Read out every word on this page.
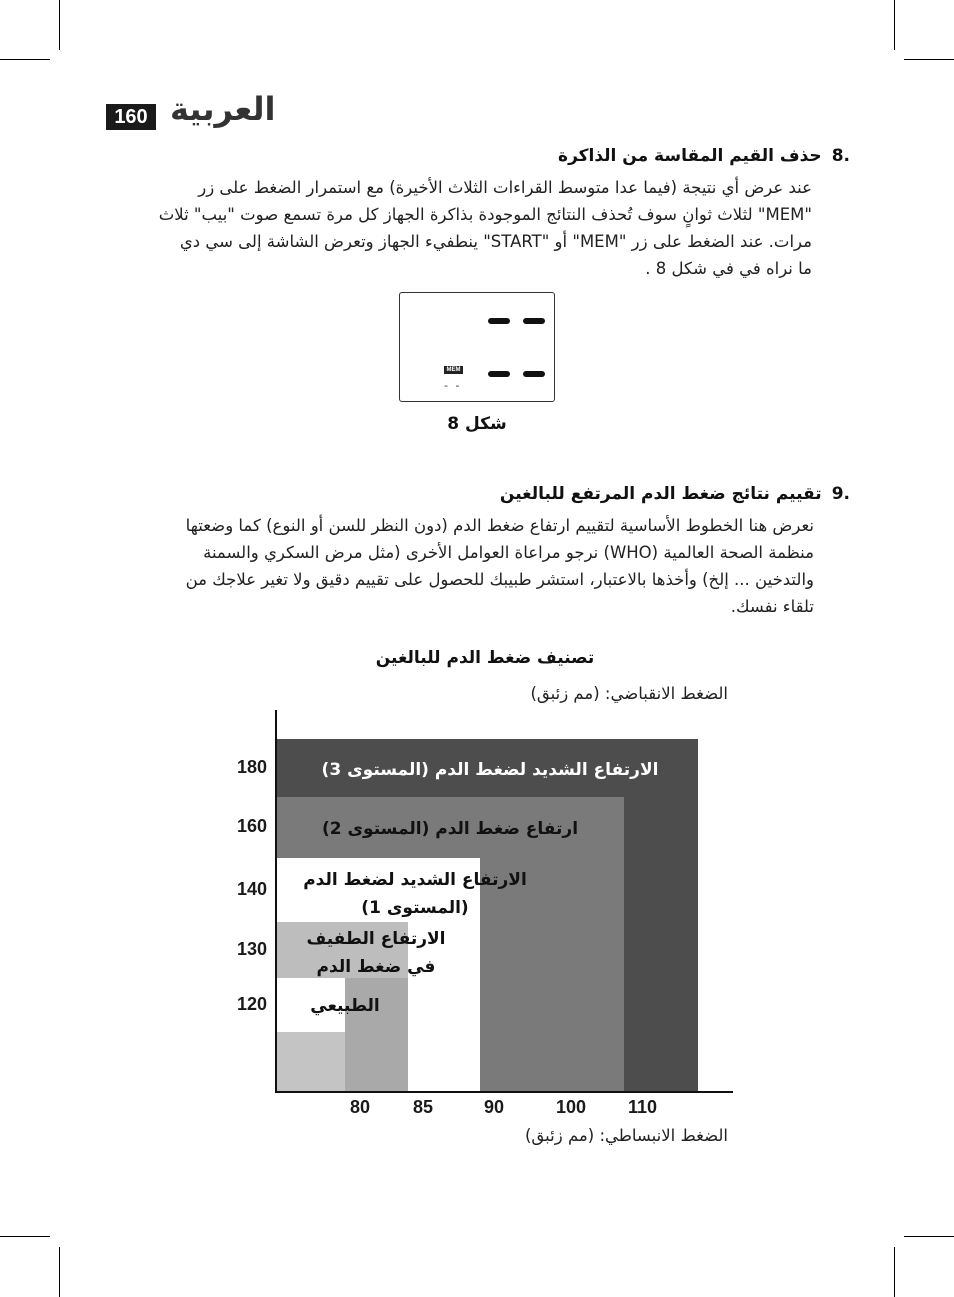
160 العربية
.8حذف القيم المقاسة من الذاكرة
عند عرض أي نتيجة (فيما عدا متوسط القراءات الثلاث الأخيرة) مع استمرار الضغط على زر
"MEM" لثلاث ثوانٍ سوف تُحذف النتائج الموجودة بذاكرة الجهاز كل مرة تسمع صوت "بيب" ثلاث
مرات. عند الضغط على زر "MEM" أو "START" ينطفيء الجهاز وتعرض الشاشة إلى سي دي
ما نراه في في شكل 8 .
MEM
- -
شكل 8
.9تقييم نتائج ضغط الدم المرتفع للبالغين
نعرض هنا الخطوط الأساسية لتقييم ارتفاع ضغط الدم (دون النظر للسن أو النوع) كما وضعتها
منظمة الصحة العالمية (WHO) نرجو مراعاة العوامل الأخرى (مثل مرض السكري والسمنة
والتدخين ... إلخ) وأخذها بالاعتبار، استشر طبيبك للحصول على تقييم دقيق ولا تغير علاجك من
تلقاء نفسك.
تصنيف ضغط الدم للبالغين
الضغط الانقباضي: (مم زئبق)
الارتفاع الشديد لضغط الدم (المستوى 3)
ارتفاع ضغط الدم (المستوى 2)
الارتفاع الشديد لضغط الدم (المستوى 1)
الارتفاع الطفيف في ضغط الدم
الطبيعي
180
160
140
130
120
80 85	90	100 110
الضغط الانبساطي: (مم زئبق)
